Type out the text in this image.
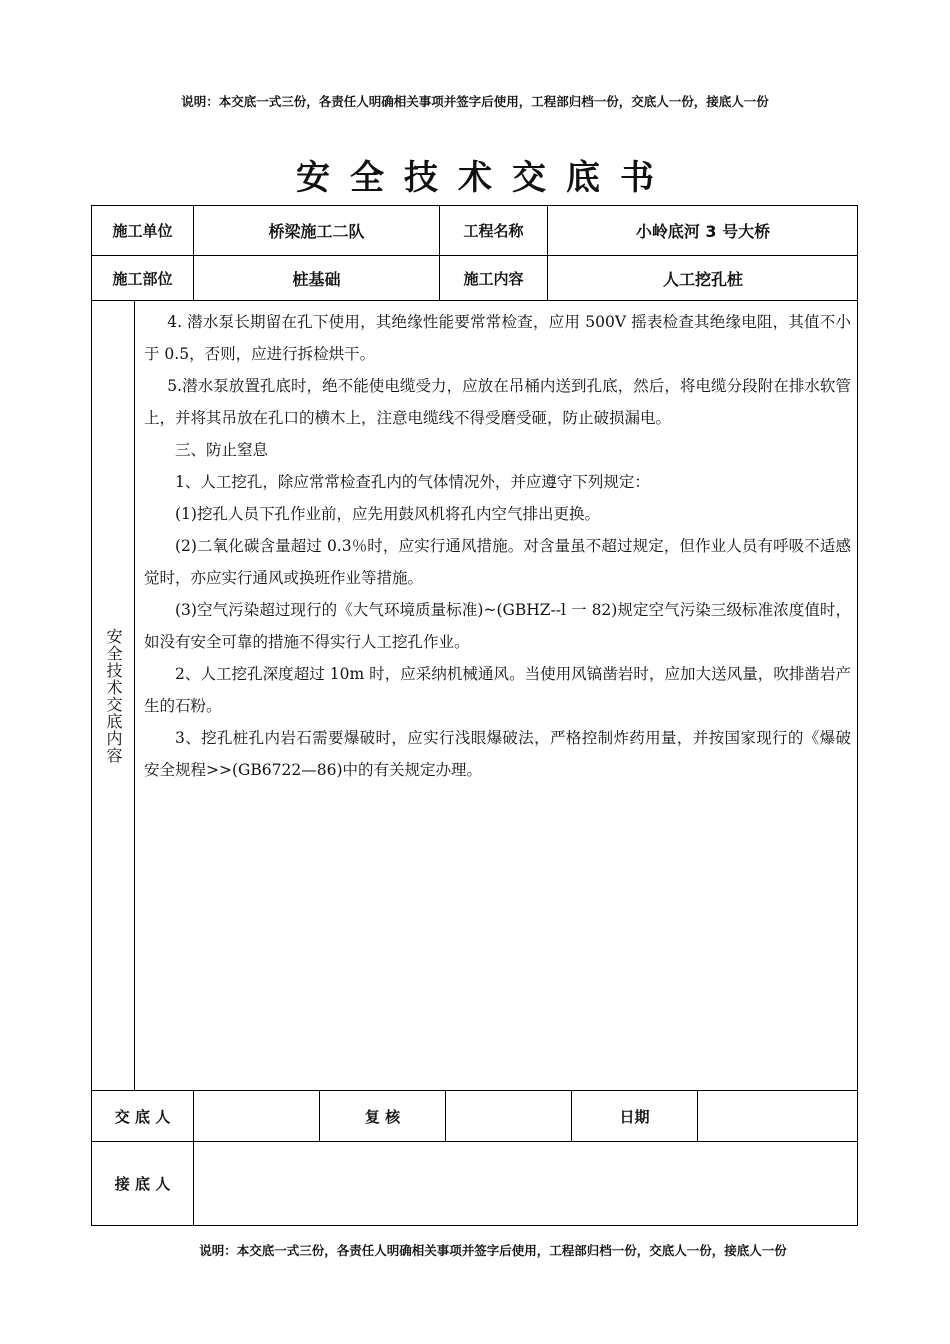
说明：本交底一式三份，各责任人明确相关事项并签字后使用，工程部归档一份，交底人一份，接底人一份
安全技术交底书
施工单位	桥梁施工二队	工程名称	小岭底河 3 号大桥
施工部位	桩基础	施工内容	人工挖孔桩
安全技术交底内容

4. 潜水泵长期留在孔下使用，其绝缘性能要常常检查，应用 500V 摇表检查其绝缘电阻，其值不小于 0.5，否则，应进行拆检烘干。

5.潜水泵放置孔底时，绝不能使电缆受力，应放在吊桶内送到孔底，然后，将电缆分段附在排水软管上，并将其吊放在孔口的横木上，注意电缆线不得受磨受砸，防止破损漏电。

三、防止窒息

1、人工挖孔，除应常常检查孔内的气体情况外，并应遵守下列规定：

(1)挖孔人员下孔作业前，应先用鼓风机将孔内空气排出更换。

(2)二氧化碳含量超过 0.3％时，应实行通风措施。对含量虽不超过规定，但作业人员有呼吸不适感觉时，亦应实行通风或换班作业等措施。

(3)空气污染超过现行的《大气环境质量标准)~(GBHZ--l 一 82)规定空气污染三级标准浓度值时，如没有安全可靠的措施不得实行人工挖孔作业。

2、人工挖孔深度超过 10m 时，应采纳机械通风。当使用风镐凿岩时，应加大送风量，吹排凿岩产生的石粉。

3、挖孔桩孔内岩石需要爆破时，应实行浅眼爆破法，严格控制炸药用量，并按国家现行的《爆破安全规程>>(GB6722—86)中的有关规定办理。

交 底 人	复 核	日期
接 底 人
说明：本交底一式三份，各责任人明确相关事项并签字后使用，工程部归档一份，交底人一份，接底人一份
